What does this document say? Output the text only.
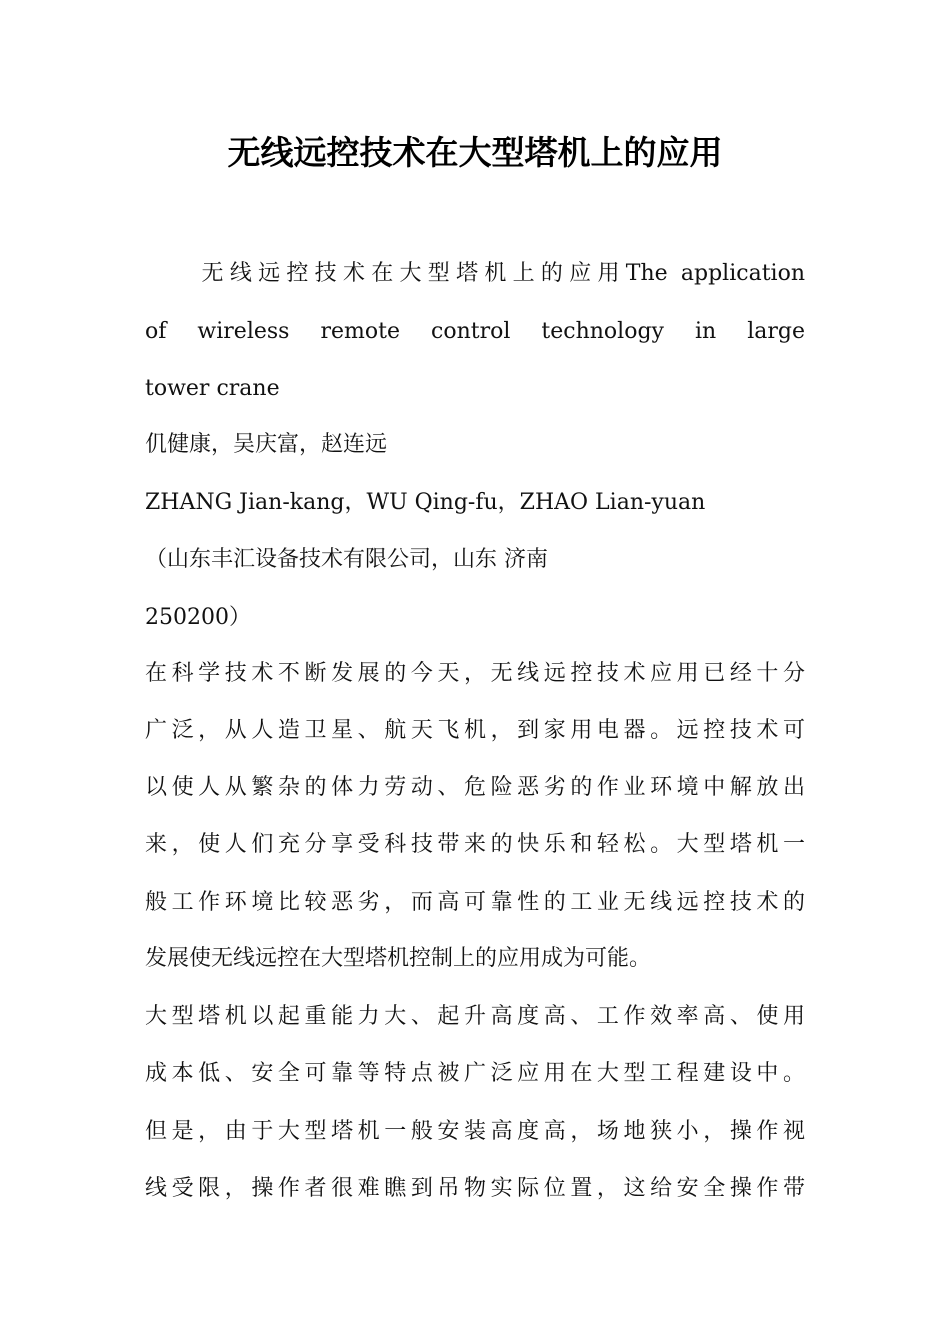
无线远控技术在大型塔机上的应用
　　无线远控技术在大型塔机上的应用The application
of wireless remote control technology in large
tower crane
仉健康，吴庆富，赵连远
ZHANG Jian-kang，WU Qing-fu，ZHAO Lian-yuan
（山东丰汇设备技术有限公司，山东 济南
250200）
在科学技术不断发展的今天，无线远控技术应用已经十分
广泛，从人造卫星、航天飞机，到家用电器。远控技术可
以使人从繁杂的体力劳动、危险恶劣的作业环境中解放出
来，使人们充分享受科技带来的快乐和轻松。大型塔机一
般工作环境比较恶劣，而高可靠性的工业无线远控技术的
发展使无线远控在大型塔机控制上的应用成为可能。
大型塔机以起重能力大、起升高度高、工作效率高、使用
成本低、安全可靠等特点被广泛应用在大型工程建设中。
但是，由于大型塔机一般安装高度高，场地狭小，操作视
线受限，操作者很难瞧到吊物实际位置，这给安全操作带
